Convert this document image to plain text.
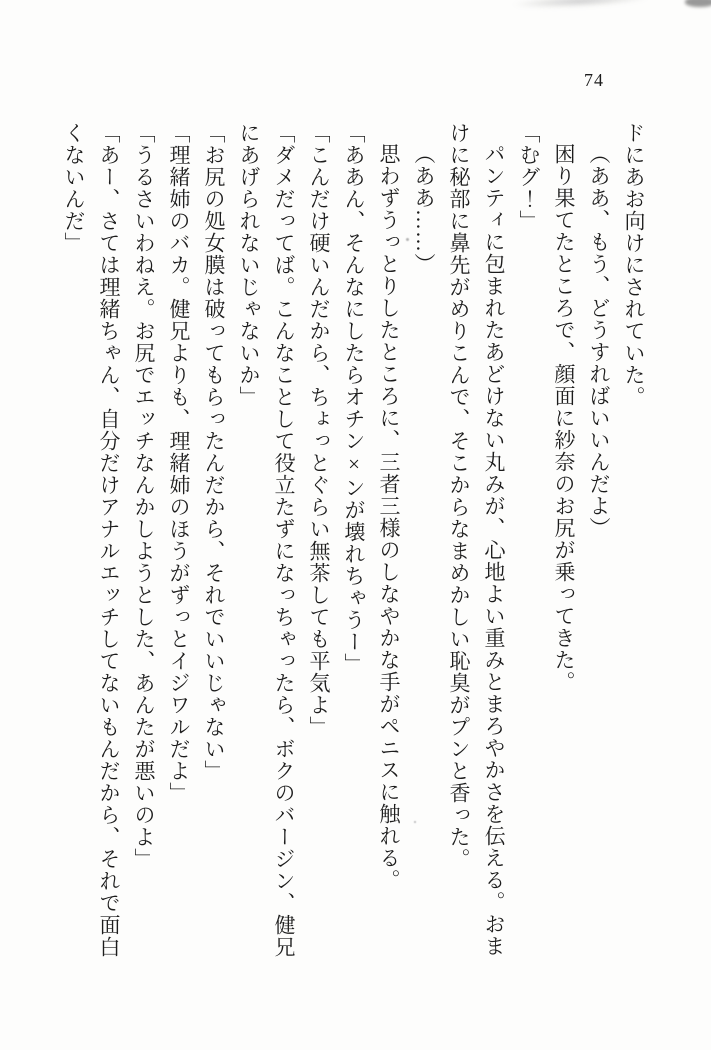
74

ドにあお向けにされていた。

（ああ、もう、どうすればいいんだよ）

困り果てたところで、顔面に紗奈のお尻が乗ってきた。

「むグ！」

パンティに包まれたあどけない丸みが、心地よい重みとまろやかさを伝える。おまけに秘部に鼻先がめりこんで、そこからなまめかしい恥臭がプンと香った。

（ああ……）

思わずうっとりしたところに、三者三様のしなやかな手がペニスに触れる。

「ああん、そんなにしたらオチン×ンが壊れちゃうー」

「こんだけ硬いんだから、ちょっとぐらい無茶しても平気よ」

「ダメだってば。こんなことして役立たずになっちゃったら、ボクのバージン、健兄にあげられないじゃないか」

「お尻の処女膜は破ってもらったんだから、それでいいじゃない」

「理緒姉のバカ。健兄よりも、理緒姉のほうがずっとイジワルだよ」

「うるさいわねえ。お尻でエッチなんかしようとした、あんたが悪いのよ」

「あー、さては理緒ちゃん、自分だけアナルエッチしてないもんだから、それで面白くないんだ」
